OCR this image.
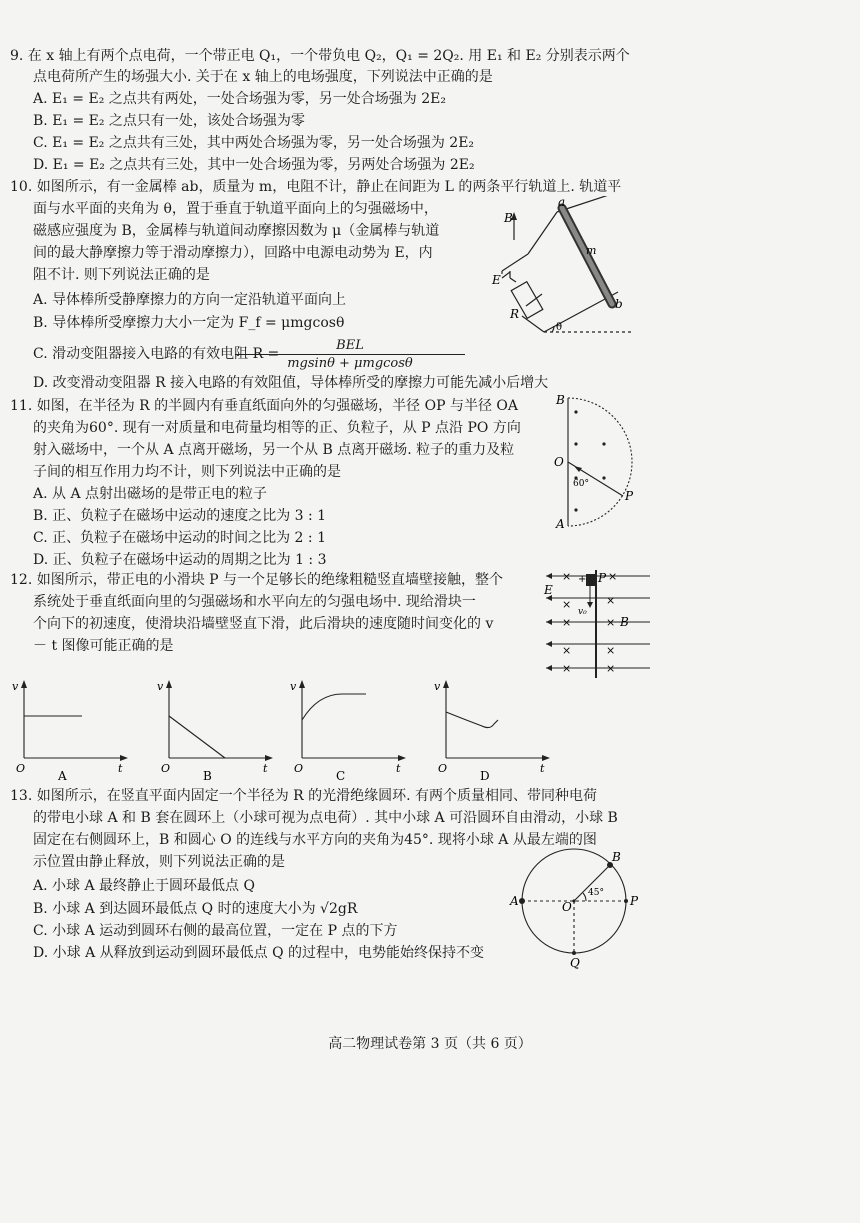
9. 在 x 轴上有两个点电荷，一个带正电 Q₁，一个带负电 Q₂，Q₁ = 2Q₂. 用 E₁ 和 E₂ 分别表示两个
点电荷所产生的场强大小. 关于在 x 轴上的电场强度，下列说法中正确的是
A. E₁ = E₂ 之点共有两处，一处合场强为零，另一处合场强为 2E₂
B. E₁ = E₂ 之点只有一处，该处合场强为零
C. E₁ = E₂ 之点共有三处，其中两处合场强为零，另一处合场强为 2E₂
D. E₁ = E₂ 之点共有三处，其中一处合场强为零，另两处合场强为 2E₂
10. 如图所示，有一金属棒 ab，质量为 m，电阻不计，静止在间距为 L 的两条平行轨道上. 轨道平
面与水平面的夹角为 θ，置于垂直于轨道平面向上的匀强磁场中，
磁感应强度为 B，金属棒与轨道间动摩擦因数为 μ（金属棒与轨道
间的最大静摩擦力等于滑动摩擦力），回路中电源电动势为 E，内
阻不计. 则下列说法正确的是
A. 导体棒所受静摩擦力的方向一定沿轨道平面向上
B. 导体棒所受摩擦力大小一定为 F_f = μmgcosθ
C. 滑动变阻器接入电路的有效电阻 R =
BEL
mgsinθ + μmgcosθ
D. 改变滑动变阻器 R 接入电路的有效阻值，导体棒所受的摩擦力可能先减小后增大
B
a
m
E
R
b
θ
11. 如图，在半径为 R 的半圆内有垂直纸面向外的匀强磁场，半径 OP 与半径 OA
的夹角为60°. 现有一对质量和电荷量均相等的正、负粒子，从 P 点沿 PO 方向
射入磁场中，一个从 A 点离开磁场，另一个从 B 点离开磁场. 粒子的重力及粒
子间的相互作用力均不计，则下列说法中正确的是
A. 从 A 点射出磁场的是带正电的粒子
B. 正、负粒子在磁场中运动的速度之比为 3 : 1
C. 正、负粒子在磁场中运动的时间之比为 2 : 1
D. 正、负粒子在磁场中运动的周期之比为 1 : 3
B
O
60°
P
A
12. 如图所示，带正电的小滑块 P 与一个足够长的绝缘粗糙竖直墙壁接触，整个
系统处于垂直纸面向里的匀强磁场和水平向左的匀强电场中. 现给滑块一
个向下的初速度，使滑块沿墙壁竖直下滑，此后滑块的速度随时间变化的 v
－ t 图像可能正确的是
×
×
×
×
×
×
×
×
×
×
+ P
E
v₀
B
v
t
O
A
v
t
O
B
v
t
O
C
v
t
O
D
13. 如图所示，在竖直平面内固定一个半径为 R 的光滑绝缘圆环. 有两个质量相同、带同种电荷
的带电小球 A 和 B 套在圆环上（小球可视为点电荷）. 其中小球 A 可沿圆环自由滑动，小球 B
固定在右侧圆环上，B 和圆心 O 的连线与水平方向的夹角为45°. 现将小球 A 从最左端的图
示位置由静止释放，则下列说法正确的是
A. 小球 A 最终静止于圆环最低点 Q
B. 小球 A 到达圆环最低点 Q 时的速度大小为 √2gR
C. 小球 A 运动到圆环右侧的最高位置，一定在 P 点的下方
D. 小球 A 从释放到运动到圆环最低点 Q 的过程中，电势能始终保持不变
B
A	O
45°
P
Q
高二物理试卷第 3 页（共 6 页）
